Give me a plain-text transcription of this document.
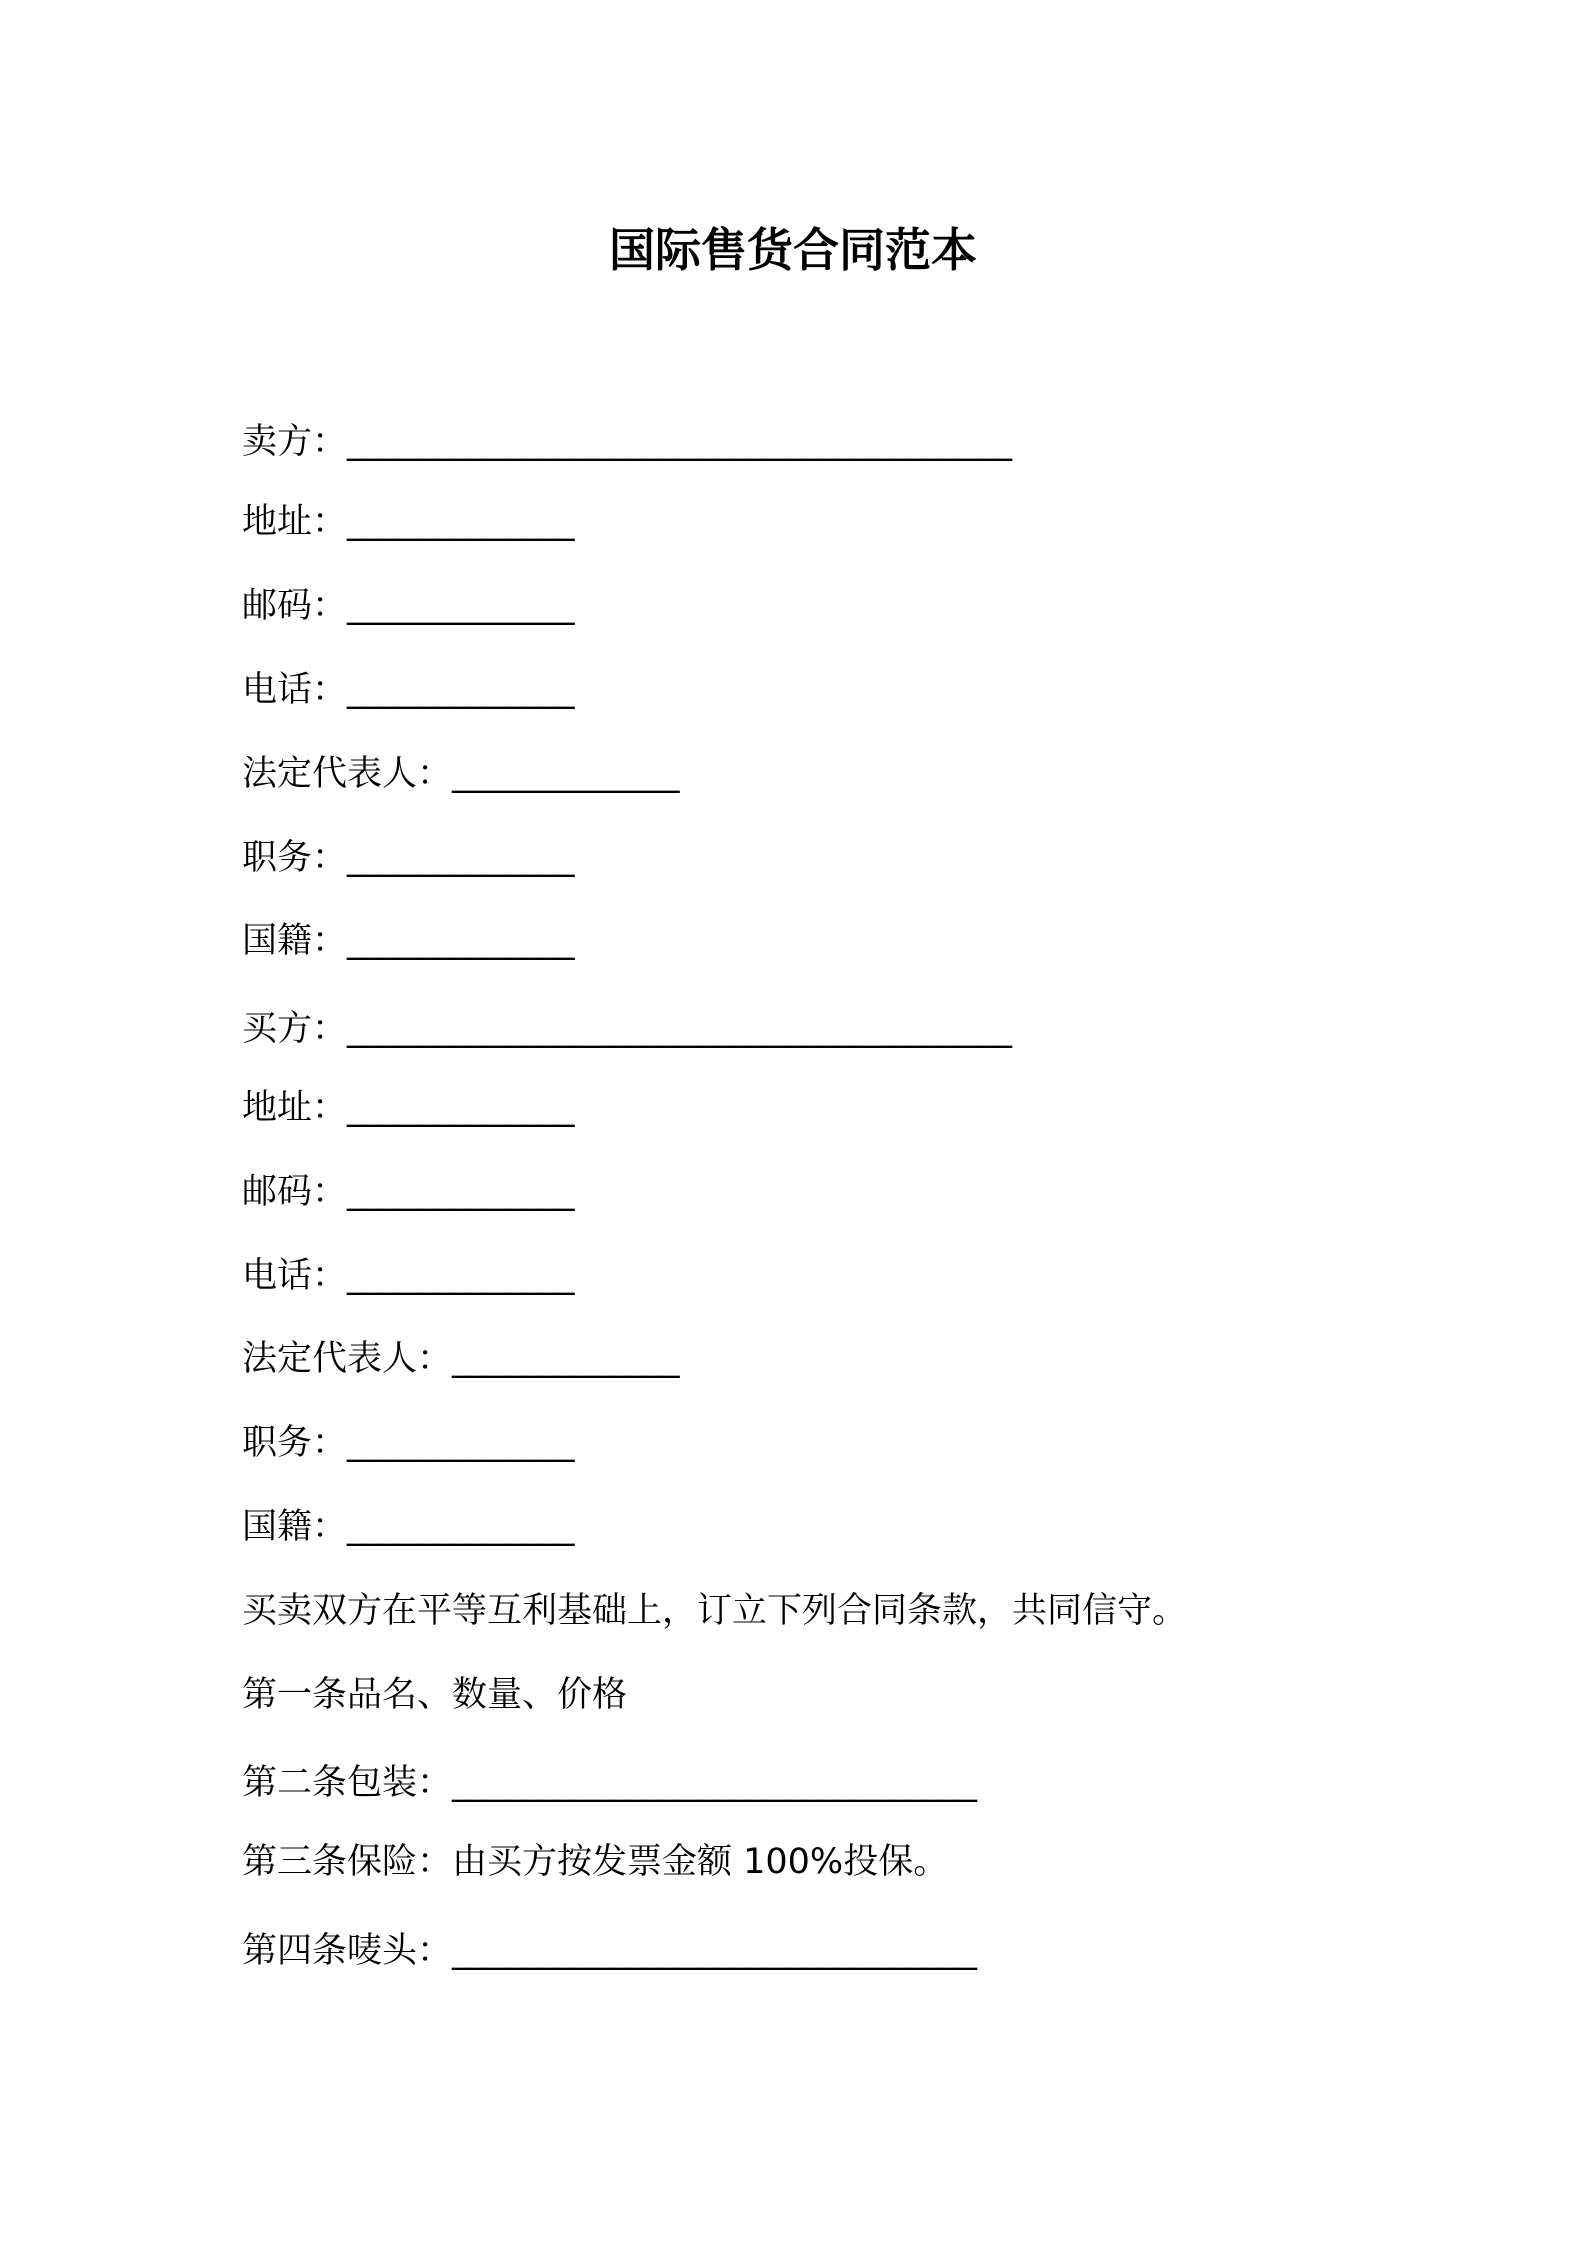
国际售货合同范本
卖方：______________________________________
地址：_____________
邮码：_____________
电话：_____________
法定代表人：_____________
职务：_____________
国籍：_____________
买方：______________________________________
地址：_____________
邮码：_____________
电话：_____________
法定代表人：_____________
职务：_____________
国籍：_____________
买卖双方在平等互利基础上，订立下列合同条款，共同信守。
第一条品名、数量、价格
第二条包装：______________________________
第三条保险：由买方按发票金额 100%投保。
第四条唛头：______________________________
